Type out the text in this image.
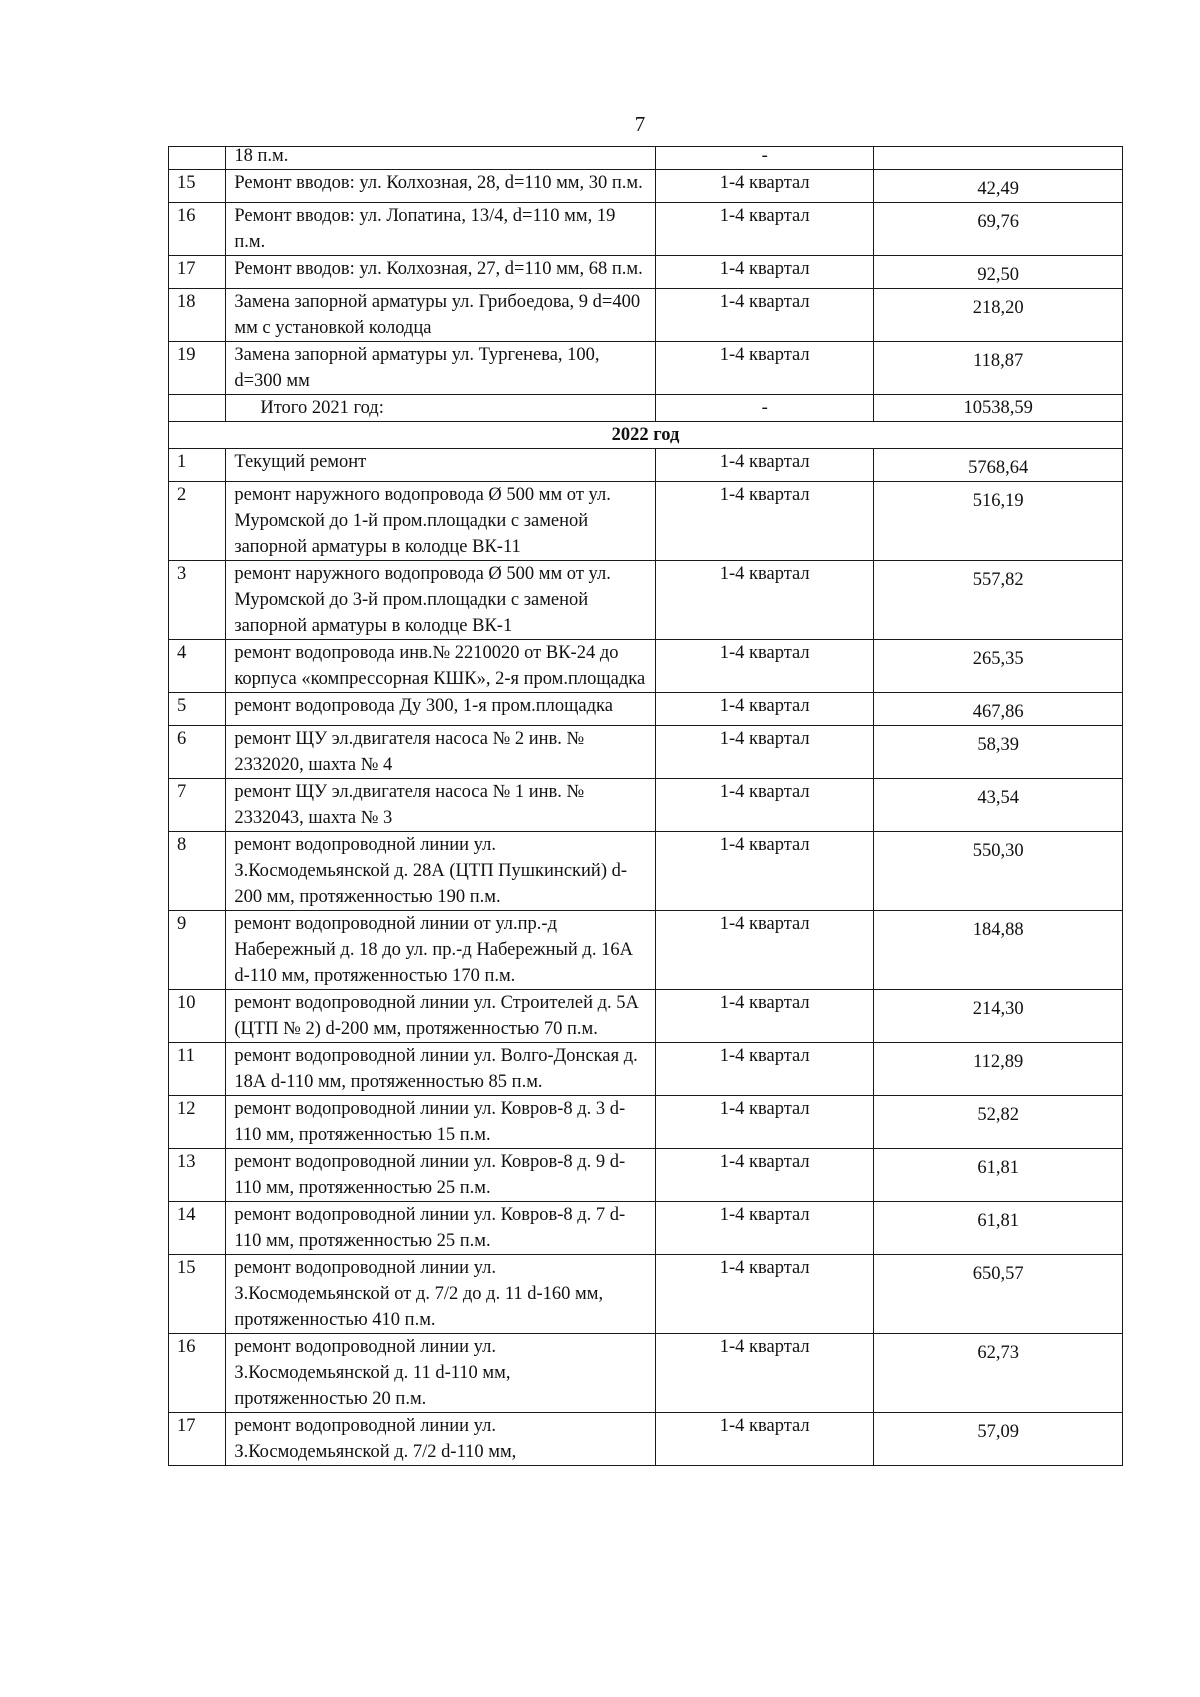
7
	18 п.м.	-	
15	Ремонт вводов: ул. Колхозная, 28, d=110 мм, 30 п.м.	1-4 квартал	42,49

16	Ремонт вводов: ул. Лопатина, 13/4, d=110 мм, 19 п.м.	1-4 квартал	69,76

17	Ремонт вводов: ул. Колхозная, 27, d=110 мм, 68 п.м.	1-4 квартал	92,50

18	Замена запорной арматуры ул. Грибоедова, 9 d=400 мм с установкой колодца	1-4 квартал	218,20

19	Замена запорной арматуры ул. Тургенева, 100, d=300 мм	1-4 квартал	118,87

	Итого 2021 год:	-	10538,59
2022 год			
1	Текущий ремонт	1-4 квартал	5768,64

2	ремонт наружного водопровода Ø 500 мм от ул. Муромской до 1-й пром.площадки с заменой запорной арматуры в колодце ВК-11	1-4 квартал	516,19

3	ремонт наружного водопровода Ø 500 мм от ул. Муромской до 3-й пром.площадки с заменой запорной арматуры в колодце ВК-1	1-4 квартал	557,82

4	ремонт водопровода инв.№ 2210020 от ВК-24 до корпуса «компрессорная КШК», 2-я пром.площадка	1-4 квартал	265,35

5	ремонт водопровода Ду 300, 1-я пром.площадка	1-4 квартал	467,86

6	ремонт ЩУ эл.двигателя насоса № 2 инв. № 2332020, шахта № 4	1-4 квартал	58,39

7	ремонт ЩУ эл.двигателя насоса № 1 инв. № 2332043, шахта № 3	1-4 квартал	43,54

8	ремонт водопроводной линии ул. З.Космодемьянской д. 28А (ЦТП Пушкинский) d-200 мм, протяженностью 190 п.м.	1-4 квартал	550,30

9	ремонт водопроводной линии от ул.пр.-д Набережный д. 18 до ул. пр.-д Набережный д. 16А d-110 мм, протяженностью 170 п.м.	1-4 квартал	184,88

10	ремонт водопроводной линии ул. Строителей д. 5А (ЦТП № 2) d-200 мм, протяженностью 70 п.м.	1-4 квартал	214,30

11	ремонт водопроводной линии ул. Волго-Донская д. 18А d-110 мм, протяженностью 85 п.м.	1-4 квартал	112,89

12	ремонт водопроводной линии ул. Ковров-8 д. 3 d-110 мм, протяженностью 15 п.м.	1-4 квартал	52,82

13	ремонт водопроводной линии ул. Ковров-8 д. 9 d-110 мм, протяженностью 25 п.м.	1-4 квартал	61,81

14	ремонт водопроводной линии ул. Ковров-8 д. 7 d-110 мм, протяженностью 25 п.м.	1-4 квартал	61,81

15	ремонт водопроводной линии ул. З.Космодемьянской от д. 7/2 до д. 11 d-160 мм, протяженностью 410 п.м.	1-4 квартал	650,57

16	ремонт водопроводной линии ул. З.Космодемьянской д. 11 d-110 мм, протяженностью 20 п.м.	1-4 квартал	62,73

17	ремонт водопроводной линии ул. З.Космодемьянской д. 7/2 d-110 мм,	1-4 квартал	57,09
